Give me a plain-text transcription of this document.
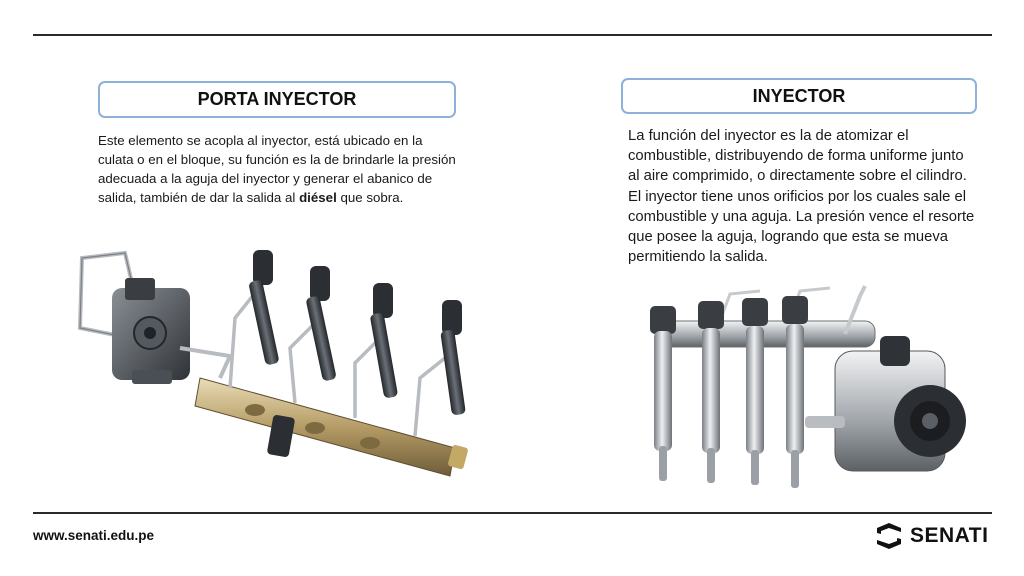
PORTA INYECTOR

Este elemento se acopla al inyector, está ubicado en la culata o en el bloque, su función es la de brindarle la presión adecuada a la aguja del inyector y generar el abanico de salida, también de dar la salida al diésel que sobra.

INYECTOR

La función del inyector es la de atomizar el combustible, distribuyendo de forma uniforme junto al aire comprimido, o directamente sobre el cilindro. El inyector tiene unos orificios por los cuales sale el combustible y una aguja. La presión vence el resorte que posee la aguja, logrando que esta se mueva permitiendo la salida.

www.senati.edu.pe	SENATI
